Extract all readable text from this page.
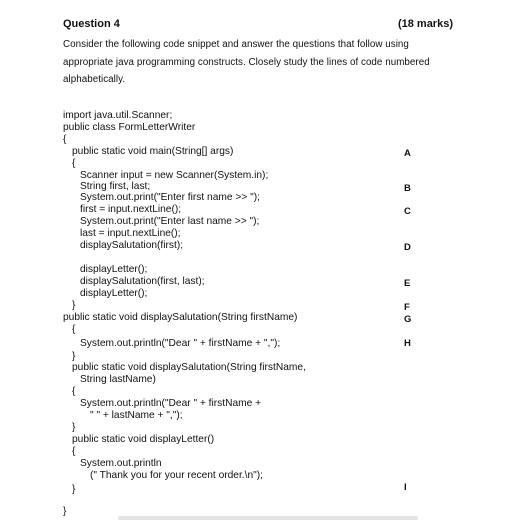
Question 4	(18 marks)
Consider the following code snippet and answer the questions that follow using
appropriate java programming constructs. Closely study the lines of code numbered
alphabetically.
import java.util.Scanner;
public class FormLetterWriter
{
public static void main(String[] args)
{
Scanner input = new Scanner(System.in);
String first, last;
System.out.print("Enter first name >> ");
first = input.nextLine();
System.out.print("Enter last name >> ");
last = input.nextLine();
displaySalutation(first);
displayLetter();
displaySalutation(first, last);
displayLetter();
}
public static void displaySalutation(String firstName)
{
System.out.println("Dear " + firstName + ",");
}
public static void displaySalutation(String firstName,
String lastName)
{
System.out.println("Dear " + firstName +
" " + lastName + ",");
}
public static void displayLetter()
{
System.out.println
(" Thank you for your recent order.\n");
}
}
A
B
C
D
E
F
G
H
I
